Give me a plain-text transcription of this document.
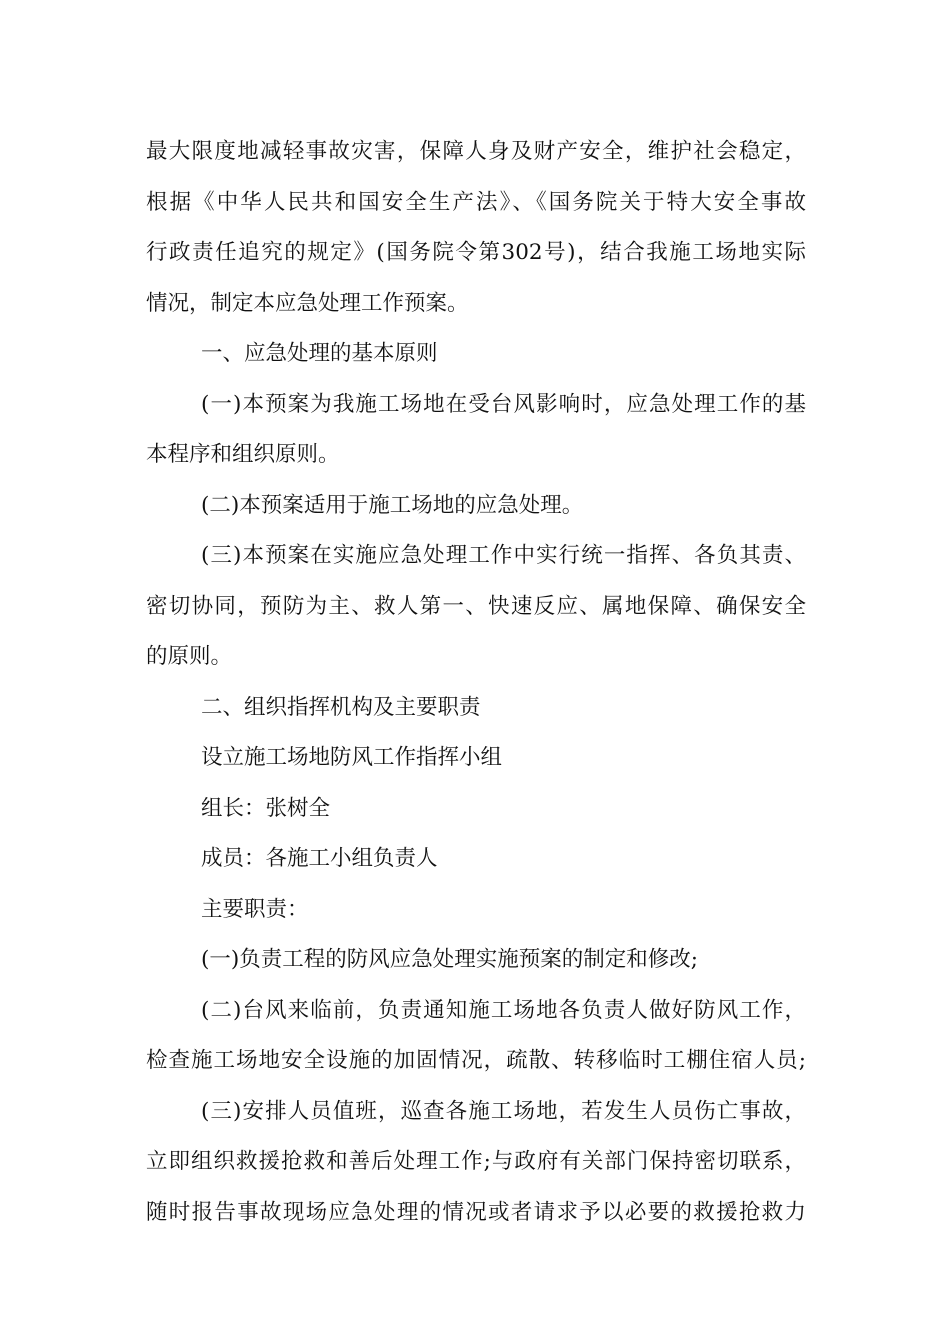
最大限度地减轻事故灾害，保障人身及财产安全，维护社会稳定，
根据《中华人民共和国安全生产法》、《国务院关于特大安全事故
行政责任追究的规定》(国务院令第302号)，结合我施工场地实际
情况，制定本应急处理工作预案。
一、应急处理的基本原则
(一)本预案为我施工场地在受台风影响时，应急处理工作的基
本程序和组织原则。
(二)本预案适用于施工场地的应急处理。
(三)本预案在实施应急处理工作中实行统一指挥、各负其责、
密切协同，预防为主、救人第一、快速反应、属地保障、确保安全
的原则。
二、组织指挥机构及主要职责
设立施工场地防风工作指挥小组
组长：张树全
成员：各施工小组负责人
主要职责：
(一)负责工程的防风应急处理实施预案的制定和修改;
(二)台风来临前，负责通知施工场地各负责人做好防风工作，
检查施工场地安全设施的加固情况，疏散、转移临时工棚住宿人员;
(三)安排人员值班，巡查各施工场地，若发生人员伤亡事故，
立即组织救援抢救和善后处理工作;与政府有关部门保持密切联系，
随时报告事故现场应急处理的情况或者请求予以必要的救援抢救力
